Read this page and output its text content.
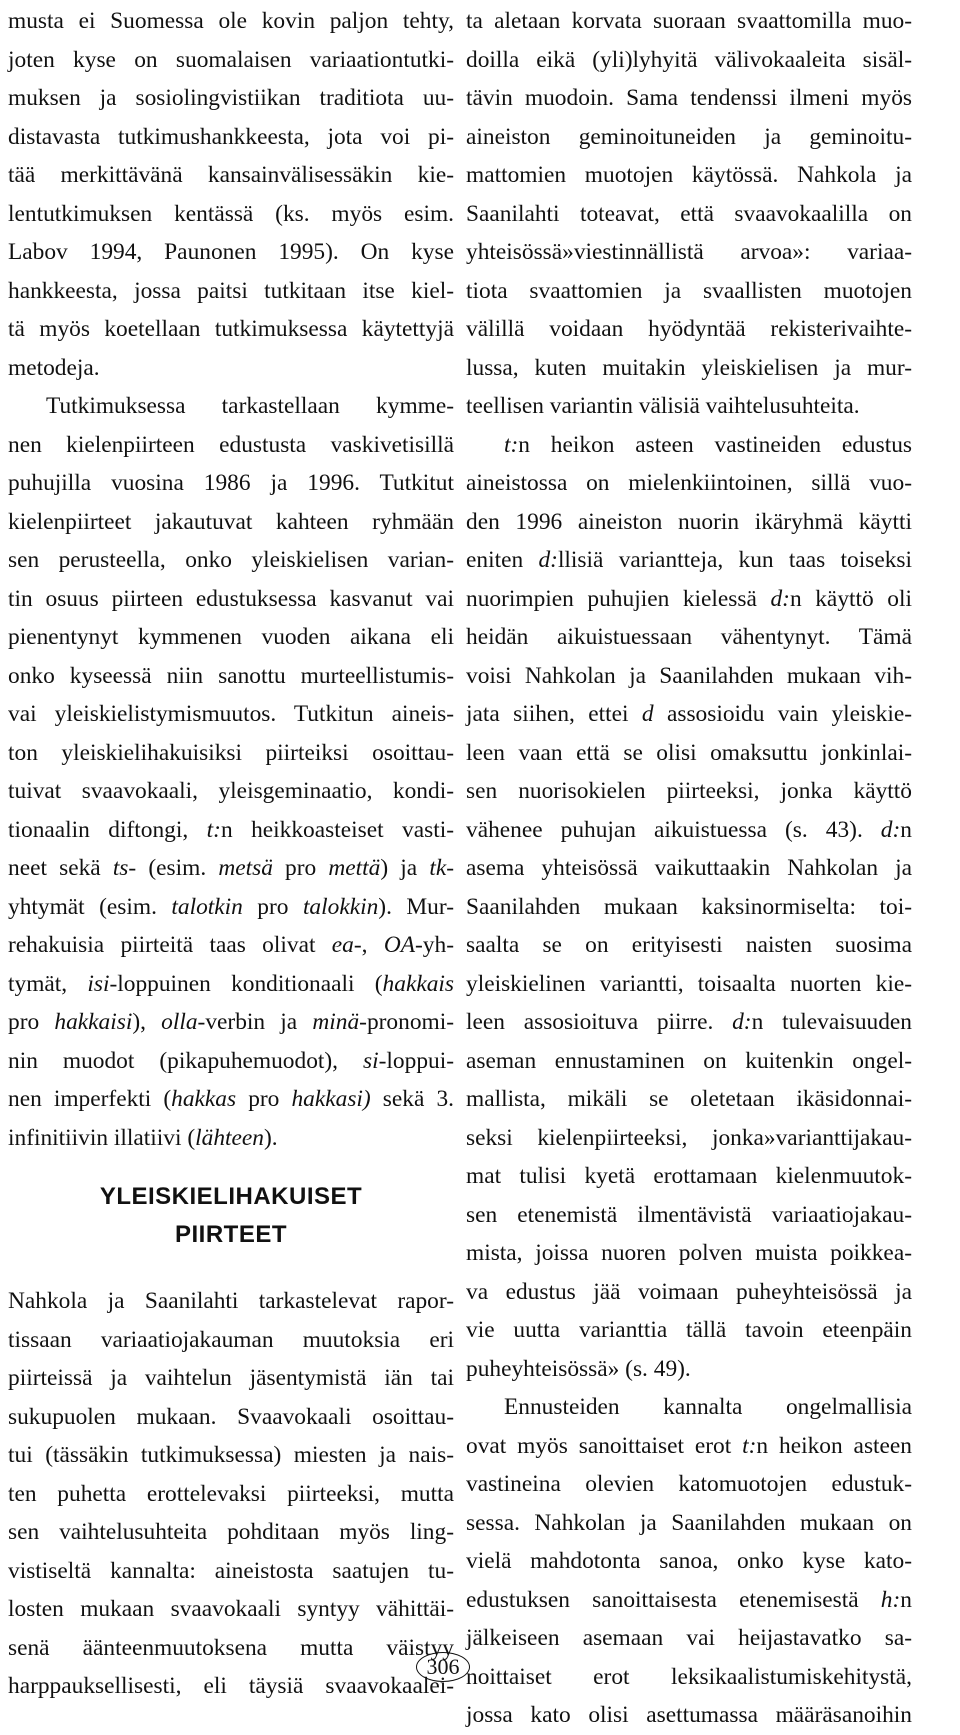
musta ei Suomessa ole kovin paljon tehty,
joten kyse on suomalaisen variaationtutki-
muksen ja sosiolingvistiikan traditiota uu-
distavasta tutkimushankkeesta, jota voi pi-
tää merkittävänä kansainvälisessäkin kie-
lentutkimuksen kentässä (ks. myös esim.
Labov 1994, Paunonen 1995). On kyse
hankkeesta, jossa paitsi tutkitaan itse kiel-
tä myös koetellaan tutkimuksessa käytettyjä
metodeja.
Tutkimuksessa tarkastellaan kymme-
nen kielenpiirteen edustusta vaskivetisillä
puhujilla vuosina 1986 ja 1996. Tutkitut
kielenpiirteet jakautuvat kahteen ryhmään
sen perusteella, onko yleiskielisen varian-
tin osuus piirteen edustuksessa kasvanut vai
pienentynyt kymmenen vuoden aikana eli
onko kyseessä niin sanottu murteellistumis-
vai yleiskielistymismuutos. Tutkitun aineis-
ton yleiskielihakuisiksi piirteiksi osoittau-
tuivat svaavokaali, yleisgeminaatio, kondi-
tionaalin diftongi, t:n heikkoasteiset vasti-
neet sekä ts- (esim. metsä pro mettä) ja tk-
yhtymät (esim. talotkin pro talokkin). Mur-
rehakuisia piirteitä taas olivat ea-, OA-yh-
tymät, isi-loppuinen konditionaali (hakkais
pro hakkaisi), olla-verbin ja minä-pronomi-
nin muodot (pikapuhemuodot), si-loppui-
nen imperfekti (hakkas pro hakkasi) sekä 3.
infinitiivin illatiivi (lähteen).
YLEISKIELIHAKUISET
PIIRTEET
Nahkola ja Saanilahti tarkastelevat rapor-
tissaan variaatiojakauman muutoksia eri
piirteissä ja vaihtelun jäsentymistä iän tai
sukupuolen mukaan. Svaavokaali osoittau-
tui (tässäkin tutkimuksessa) miesten ja nais-
ten puhetta erottelevaksi piirteeksi, mutta
sen vaihtelusuhteita pohditaan myös ling-
vistiseltä kannalta: aineistosta saatujen tu-
losten mukaan svaavokaali syntyy vähittäi-
senä äänteenmuutoksena mutta väistyy
harppauksellisesti, eli täysiä svaavokaalei-
ta aletaan korvata suoraan svaattomilla muo-
doilla eikä (yli)lyhyitä välivokaaleita sisäl-
tävin muodoin. Sama tendenssi ilmeni myös
aineiston geminoituneiden ja geminoitu-
mattomien muotojen käytössä. Nahkola ja
Saanilahti toteavat, että svaavokaalilla on
yhteisössä»viestinnällistä arvoa»: variaa-
tiota svaattomien ja svaallisten muotojen
välillä voidaan hyödyntää rekisterivaihte-
lussa, kuten muitakin yleiskielisen ja mur-
teellisen variantin välisiä vaihtelusuhteita.
t:n heikon asteen vastineiden edustus
aineistossa on mielenkiintoinen, sillä vuo-
den 1996 aineiston nuorin ikäryhmä käytti
eniten d:llisiä variantteja, kun taas toiseksi
nuorimpien puhujien kielessä d:n käyttö oli
heidän aikuistuessaan vähentynyt. Tämä
voisi Nahkolan ja Saanilahden mukaan vih-
jata siihen, ettei d assosioidu vain yleiskie-
leen vaan että se olisi omaksuttu jonkinlai-
sen nuorisokielen piirteeksi, jonka käyttö
vähenee puhujan aikuistuessa (s. 43). d:n
asema yhteisössä vaikuttaakin Nahkolan ja
Saanilahden mukaan kaksinormiselta: toi-
saalta se on erityisesti naisten suosima
yleiskielinen variantti, toisaalta nuorten kie-
leen assosioituva piirre. d:n tulevaisuuden
aseman ennustaminen on kuitenkin ongel-
mallista, mikäli se oletetaan ikäsidonnai-
seksi kielenpiirteeksi, jonka»varianttijakau-
mat tulisi kyetä erottamaan kielenmuutok-
sen etenemistä ilmentävistä variaatiojakau-
mista, joissa nuoren polven muista poikkea-
va edustus jää voimaan puheyhteisössä ja
vie uutta varianttia tällä tavoin eteenpäin
puheyhteisössä» (s. 49).
Ennusteiden kannalta ongelmallisia
ovat myös sanoittaiset erot t:n heikon asteen
vastineina olevien katomuotojen edustuk-
sessa. Nahkolan ja Saanilahden mukaan on
vielä mahdotonta sanoa, onko kyse kato-
edustuksen sanoittaisesta etenemisestä h:n
jälkeiseen asemaan vai heijastavatko sa-
noittaiset erot leksikaalistumiskehitystä,
jossa kato olisi asettumassa määräsanoihin
306
